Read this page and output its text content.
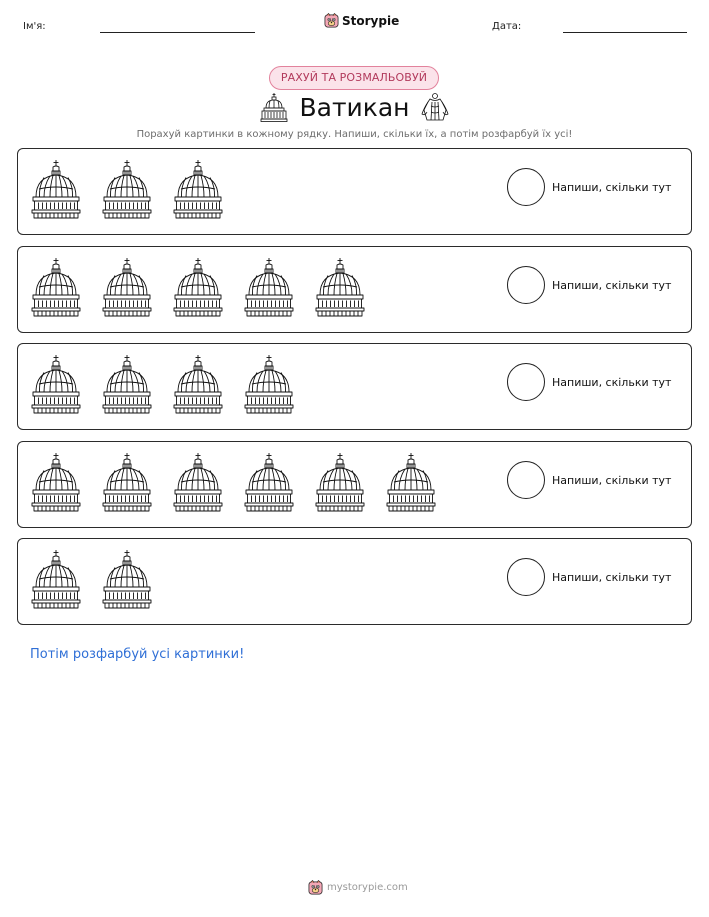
Ім'я:	Storypie	Дата:
РАХУЙ ТА РОЗМАЛЬОВУЙ
Ватикан
Порахуй картинки в кожному рядку. Напиши, скільки їх, а потім розфарбуй їх усі!
Напиши, скільки тут
Напиши, скільки тут
Напиши, скільки тут
Напиши, скільки тут
Напиши, скільки тут
Потім розфарбуй усі картинки!
mystorypie.com
